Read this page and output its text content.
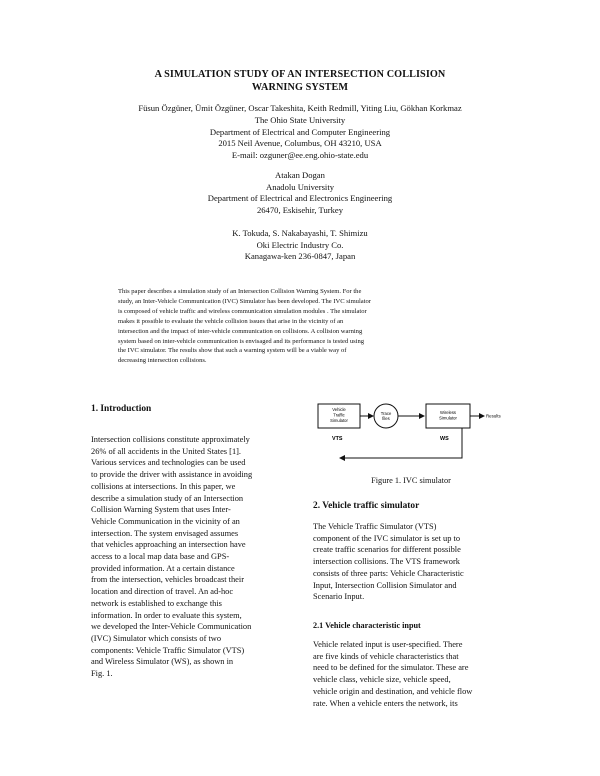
A SIMULATION STUDY OF AN INTERSECTION COLLISION
WARNING SYSTEM
Füsun Özgüner, Ümit Özgüner, Oscar Takeshita, Keith Redmill, Yiting Liu, Gökhan Korkmaz
The Ohio State University
Department of Electrical and Computer Engineering
2015 Neil Avenue, Columbus, OH 43210, USA
E-mail: ozguner@ee.eng.ohio-state.edu
Atakan Dogan
Anadolu University
Department of Electrical and Electronics Engineering
26470, Eskisehir, Turkey
K. Tokuda, S. Nakabayashi, T. Shimizu
Oki Electric Industry Co.
Kanagawa-ken 236-0847, Japan
This paper describes a simulation study of an Intersection Collision Warning System. For the
study, an Inter-Vehicle Communication (IVC) Simulator has been developed. The IVC simulator
is composed of vehicle traffic and wireless communication simulation modules . The simulator
makes it possible to evaluate the vehicle collision issues that arise in the vicinity of an
intersection and the impact of inter-vehicle communication on collisions. A collision warning
system based on inter-vehicle communication is envisaged and its performance is tested using
the IVC simulator. The results show that such a warning system will be a viable way of
decreasing intersection collisions.
1. Introduction
Intersection collisions constitute approximately
26% of all accidents in the United States [1].
Various services and technologies can be used
to provide the driver with assistance in avoiding
collisions at intersections. In this paper, we
describe a simulation study of an Intersection
Collision Warning System that uses Inter-
Vehicle Communication in the vicinity of an
intersection. The system envisaged assumes
that vehicles approaching an intersection have
access to a local map data base and GPS-
provided information. At a certain distance
from the intersection, vehicles broadcast their
location and direction of travel. An ad-hoc
network is established to exchange this
information. In order to evaluate this system,
we developed the Inter-Vehicle Communication
(IVC) Simulator which consists of two
components: Vehicle Traffic Simulator (VTS)
and Wireless Simulator (WS), as shown in
Fig. 1.
Vehicle
Traffic
Simulator
Trace
files
Wireless
Simulator	Results
VTS	WS
Figure 1. IVC simulator
2. Vehicle traffic simulator
The Vehicle Traffic Simulator (VTS)
component of the IVC simulator is set up to
create traffic scenarios for different possible
intersection collisions. The VTS framework
consists of three parts: Vehicle Characteristic
Input, Intersection Collision Simulator and
Scenario Input.
2.1 Vehicle characteristic input
Vehicle related input is user-specified. There
are five kinds of vehicle characteristics that
need to be defined for the simulator. These are
vehicle class, vehicle size, vehicle speed,
vehicle origin and destination, and vehicle flow
rate. When a vehicle enters the network, its
